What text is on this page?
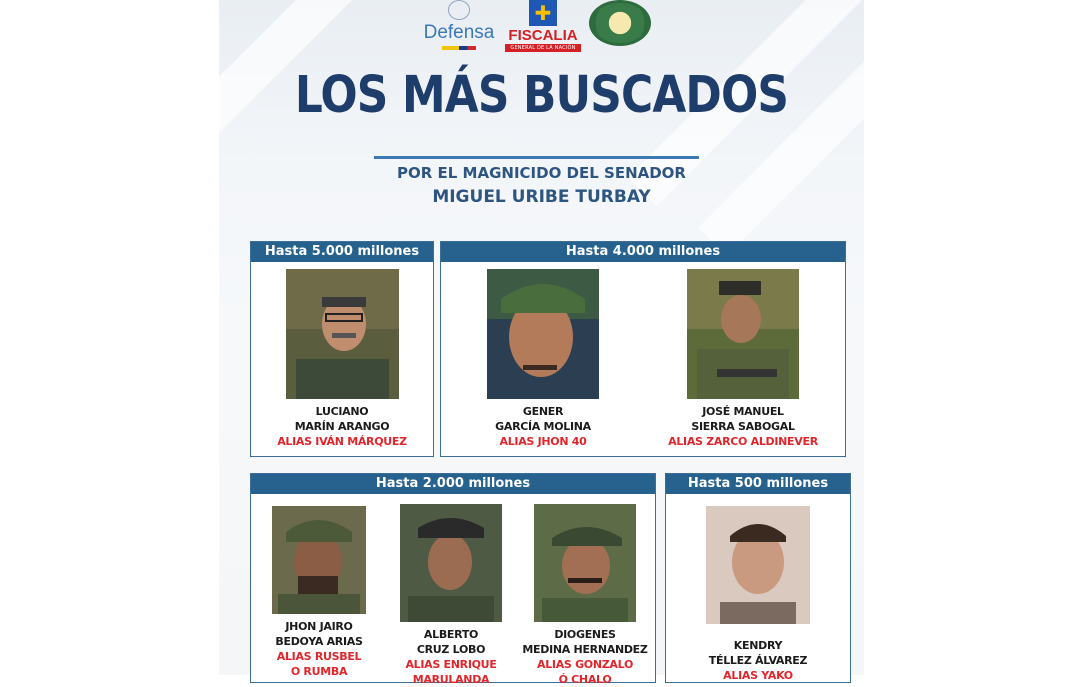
Defensa
✚
FISCALIA
GENERAL DE LA NACIÓN
LOS MÁS BUSCADOS
POR EL MAGNICIDO DEL SENADOR
MIGUEL URIBE TURBAY
Hasta 5.000 millones
LUCIANO
MARÍN ARANGO
ALIAS IVÁN MÁRQUEZ
Hasta 4.000 millones
GENER
GARCÍA MOLINA
ALIAS JHON 40
JOSÉ MANUEL
SIERRA SABOGAL
ALIAS ZARCO ALDINEVER
Hasta 2.000 millones
JHON JAIRO
BEDOYA ARIAS
ALIAS RUSBEL
O RUMBA
ALBERTO
CRUZ LOBO
ALIAS ENRIQUE
MARULANDA
DIOGENES
MEDINA HERNANDEZ
ALIAS GONZALO
Ó CHALO
Hasta 500 millones
KENDRY
TÉLLEZ ÁLVAREZ
ALIAS YAKO
